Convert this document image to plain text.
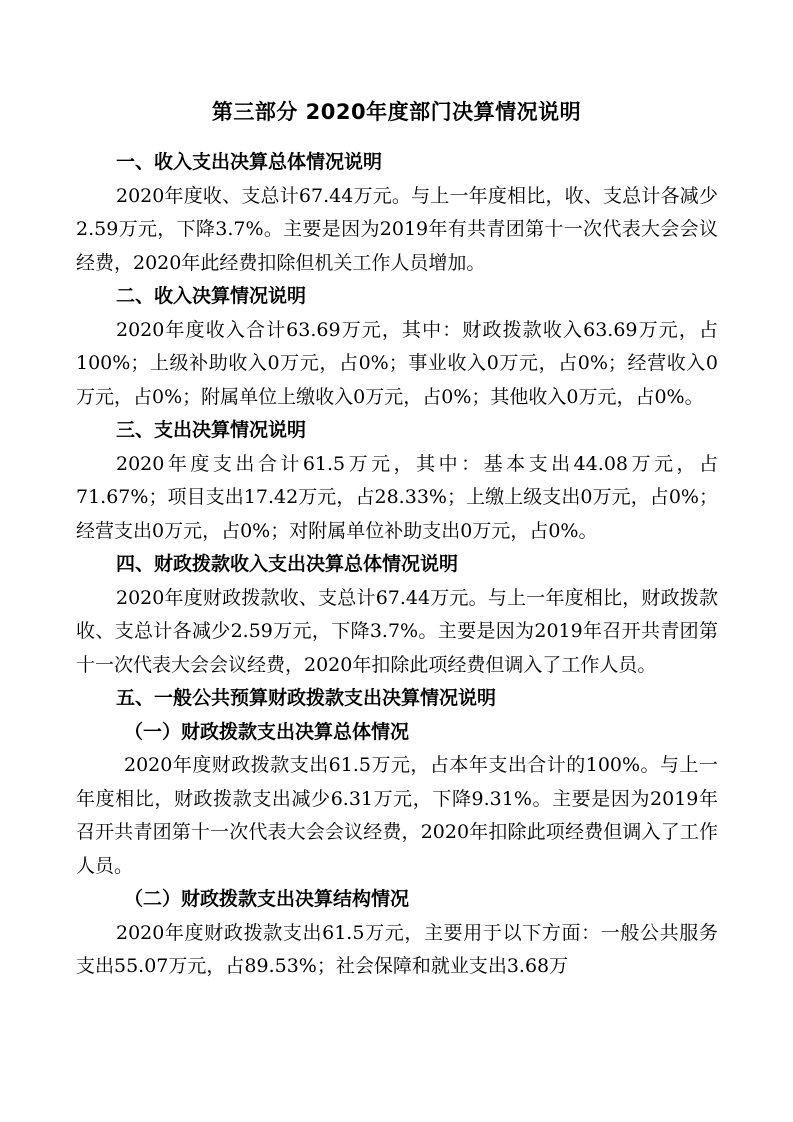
第三部分 2020年度部门决算情况说明
一、收入支出决算总体情况说明

2020年度收、支总计67.44万元。与上一年度相比，收、支总计各减少2.59万元，下降3.7%。主要是因为2019年有共青团第十一次代表大会会议经费，2020年此经费扣除但机关工作人员增加。

二、收入决算情况说明

2020年度收入合计63.69万元，其中：财政拨款收入63.69万元，占100%；上级补助收入0万元，占0%；事业收入0万元，占0%；经营收入0万元，占0%；附属单位上缴收入0万元，占0%；其他收入0万元，占0%。

三、支出决算情况说明

2020年度支出合计61.5万元，其中：基本支出44.08万元，占71.67%；项目支出17.42万元，占28.33%；上缴上级支出0万元，占0%；经营支出0万元，占0%；对附属单位补助支出0万元，占0%。

四、财政拨款收入支出决算总体情况说明

2020年度财政拨款收、支总计67.44万元。与上一年度相比，财政拨款收、支总计各减少2.59万元，下降3.7%。主要是因为2019年召开共青团第十一次代表大会会议经费，2020年扣除此项经费但调入了工作人员。

五、一般公共预算财政拨款支出决算情况说明
（一）财政拨款支出决算总体情况

2020年度财政拨款支出61.5万元，占本年支出合计的100%。与上一年度相比，财政拨款支出减少6.31万元，下降9.31%。主要是因为2019年召开共青团第十一次代表大会会议经费，2020年扣除此项经费但调入了工作人员。

（二）财政拨款支出决算结构情况

2020年度财政拨款支出61.5万元，主要用于以下方面：一般公共服务支出55.07万元，占89.53%；社会保障和就业支出3.68万
